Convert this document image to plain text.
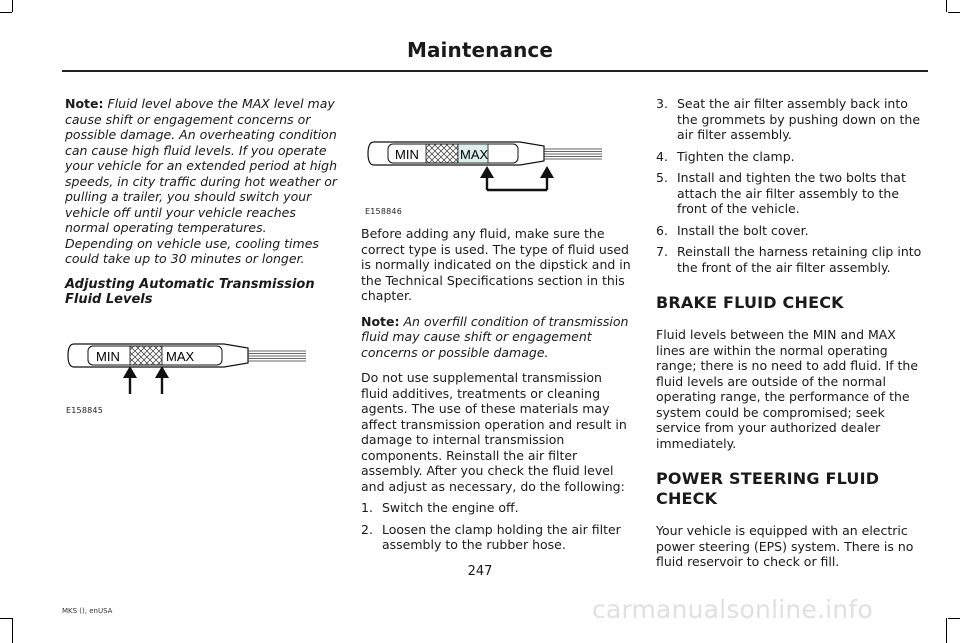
Maintenance

Note: Fluid level above the MAX level may cause shift or engagement concerns or possible damage. An overheating condition can cause high fluid levels. If you operate your vehicle for an extended period at high speeds, in city traffic during hot weather or pulling a trailer, you should switch your vehicle off until your vehicle reaches normal operating temperatures. Depending on vehicle use, cooling times could take up to 30 minutes or longer.

Adjusting Automatic Transmission Fluid Levels

MIN	MAX
E158845
MIN	MAX
E158846

Before adding any fluid, make sure the correct type is used. The type of fluid used is normally indicated on the dipstick and in the Technical Specifications section in this chapter.

Note: An overfill condition of transmission fluid may cause shift or engagement concerns or possible damage.

Do not use supplemental transmission fluid additives, treatments or cleaning agents. The use of these materials may affect transmission operation and result in damage to internal transmission components. Reinstall the air filter assembly. After you check the fluid level and adjust as necessary, do the following:

1. Switch the engine off.
2. Loosen the clamp holding the air filter assembly to the rubber hose.
3. Seat the air filter assembly back into the grommets by pushing down on the air filter assembly.
4. Tighten the clamp.
5. Install and tighten the two bolts that attach the air filter assembly to the front of the vehicle.
6. Install the bolt cover.
7. Reinstall the harness retaining clip into the front of the air filter assembly.

BRAKE FLUID CHECK

Fluid levels between the MIN and MAX lines are within the normal operating range; there is no need to add fluid. If the fluid levels are outside of the normal operating range, the performance of the system could be compromised; seek service from your authorized dealer immediately.

POWER STEERING FLUID CHECK

Your vehicle is equipped with an electric power steering (EPS) system. There is no fluid reservoir to check or fill.

247
MKS (), enUSA	carmanualsonline.info
